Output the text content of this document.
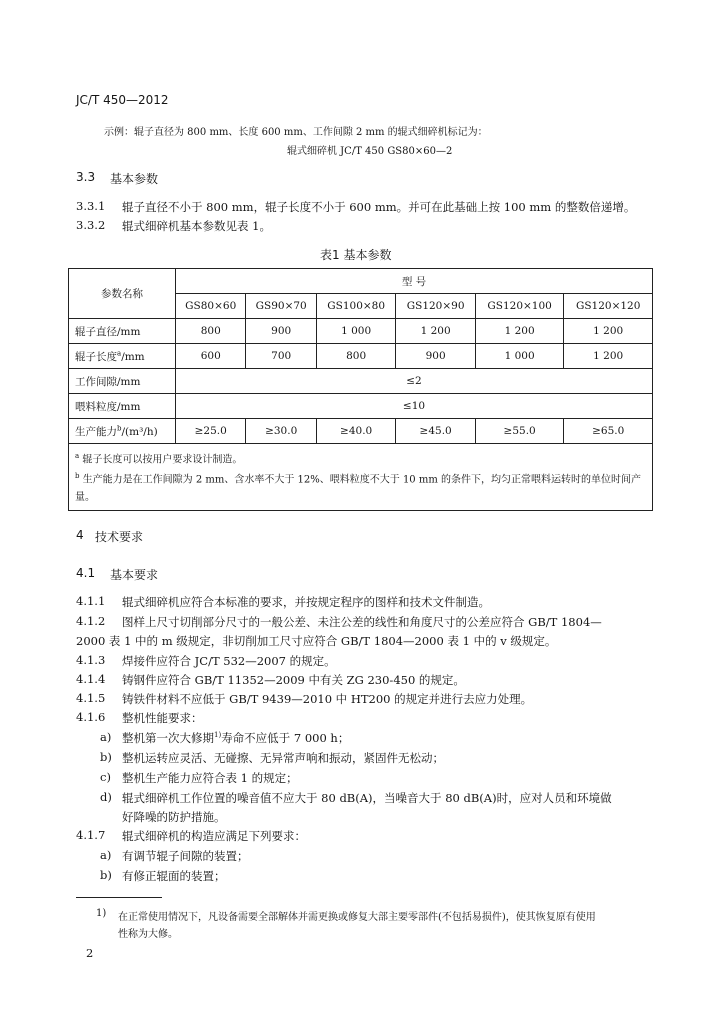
JC/T 450—2012
示例：辊子直径为 800 mm、长度 600 mm、工作间隙 2 mm 的辊式细碎机标记为：
辊式细碎机 JC/T 450 GS80×60—2
3.3 基本参数
3.3.1 辊子直径不小于 800 mm，辊子长度不小于 600 mm。并可在此基础上按 100 mm 的整数倍递增。
3.3.2 辊式细碎机基本参数见表 1。
表1 基本参数
参数名称	型 号					
	GS80×60	GS90×70	GS100×80	GS120×90	GS120×100	GS120×120
辊子直径/mm	800	900	1 000	1 200	1 200	1 200
辊子长度$^a$/mm	600	700	800	900	1 000	1 200
工作间隙/mm	≤2					
喂料粒度/mm	≤10					
生产能力$^b$/(m³/h)	≥25.0	≥30.0	≥40.0	≥45.0	≥55.0	≥65.0

$^a$ 辊子长度可以按用户要求设计制造。
$^b$ 生产能力是在工作间隙为 2 mm、含水率不大于 12%、喂料粒度不大于 10 mm 的条件下，均匀正常喂料运转时的单位时间产量。						
4 技术要求
4.1 基本要求
4.1.1 辊式细碎机应符合本标准的要求，并按规定程序的图样和技术文件制造。
4.1.2 图样上尺寸切削部分尺寸的一般公差、未注公差的线性和角度尺寸的公差应符合 GB/T 1804—
2000 表 1 中的 m 级规定，非切削加工尺寸应符合 GB/T 1804—2000 表 1 中的 v 级规定。
4.1.3 焊接件应符合 JC/T 532—2007 的规定。
4.1.4 铸钢件应符合 GB/T 11352—2009 中有关 ZG 230-450 的规定。
4.1.5 铸铁件材料不应低于 GB/T 9439—2010 中 HT200 的规定并进行去应力处理。
4.1.6 整机性能要求：
a) 整机第一次大修期$^{1)}$寿命不应低于 7 000 h；
b) 整机运转应灵活、无碰擦、无异常声响和振动，紧固件无松动；
c) 整机生产能力应符合表 1 的规定；
d) 辊式细碎机工作位置的噪音值不应大于 80 dB(A)，当噪音大于 80 dB(A)时，应对人员和环境做
好降噪的防护措施。
4.1.7 辊式细碎机的构造应满足下列要求：
a) 有调节辊子间隙的装置；
b) 有修正辊面的装置；
1) 在正常使用情况下，凡设备需要全部解体并需更换或修复大部主要零部件(不包括易损件)，使其恢复原有使用
性称为大修。
2
